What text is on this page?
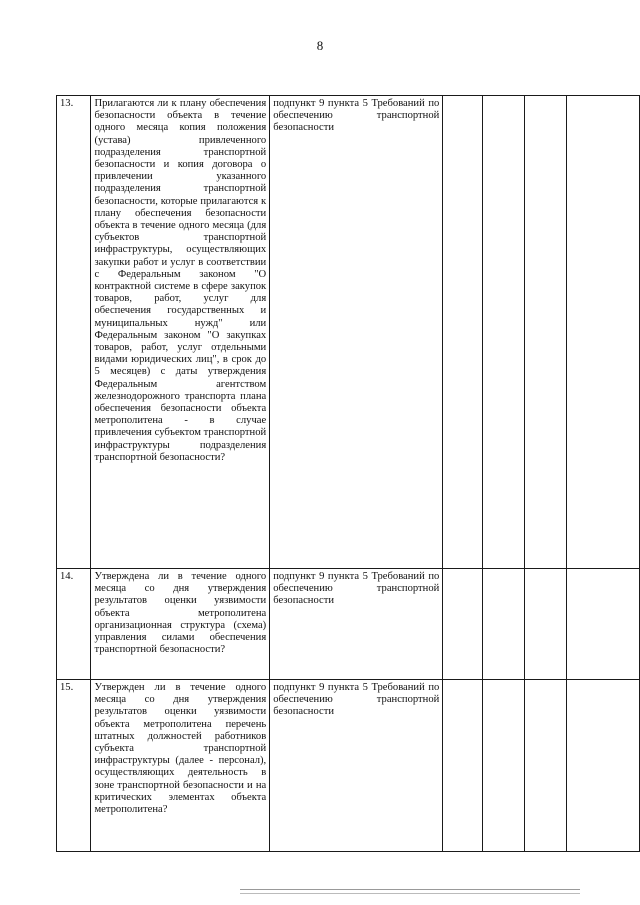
8
13.	Прилагаются ли к плану обеспечения безопасности объекта в течение одного месяца копия положения (устава) привлеченного подразделения транспортной безопасности и копия договора о привлечении указанного подразделения транспортной безопасности, которые прилагаются к плану обеспечения безопасности объекта в течение одного месяца (для субъектов транспортной инфраструктуры, осуществляющих закупки работ и услуг в соответствии с Федеральным законом "О контрактной системе в сфере закупок товаров, работ, услуг для обеспечения государственных и муниципальных нужд" или Федеральным законом "О закупках товаров, работ, услуг отдельными видами юридических лиц", в срок до 5 месяцев) с даты утверждения Федеральным агентством железнодорожного транспорта плана обеспечения безопасности объекта метрополитена - в случае привлечения субъектом транспортной инфраструктуры подразделения транспортной безопасности?	подпункт 9 пункта 5 Требований по обеспечению транспортной безопасности				
14.	Утверждена ли в течение одного месяца со дня утверждения результатов оценки уязвимости объекта метрополитена организационная структура (схема) управления силами обеспечения транспортной безопасности?	подпункт 9 пункта 5 Требований по обеспечению транспортной безопасности				
15.	Утвержден ли в течение одного месяца со дня утверждения результатов оценки уязвимости объекта метрополитена перечень штатных должностей работников субъекта транспортной инфраструктуры (далее - персонал), осуществляющих деятельность в зоне транспортной безопасности и на критических элементах объекта метрополитена?	подпункт 9 пункта 5 Требований по обеспечению транспортной безопасности				
